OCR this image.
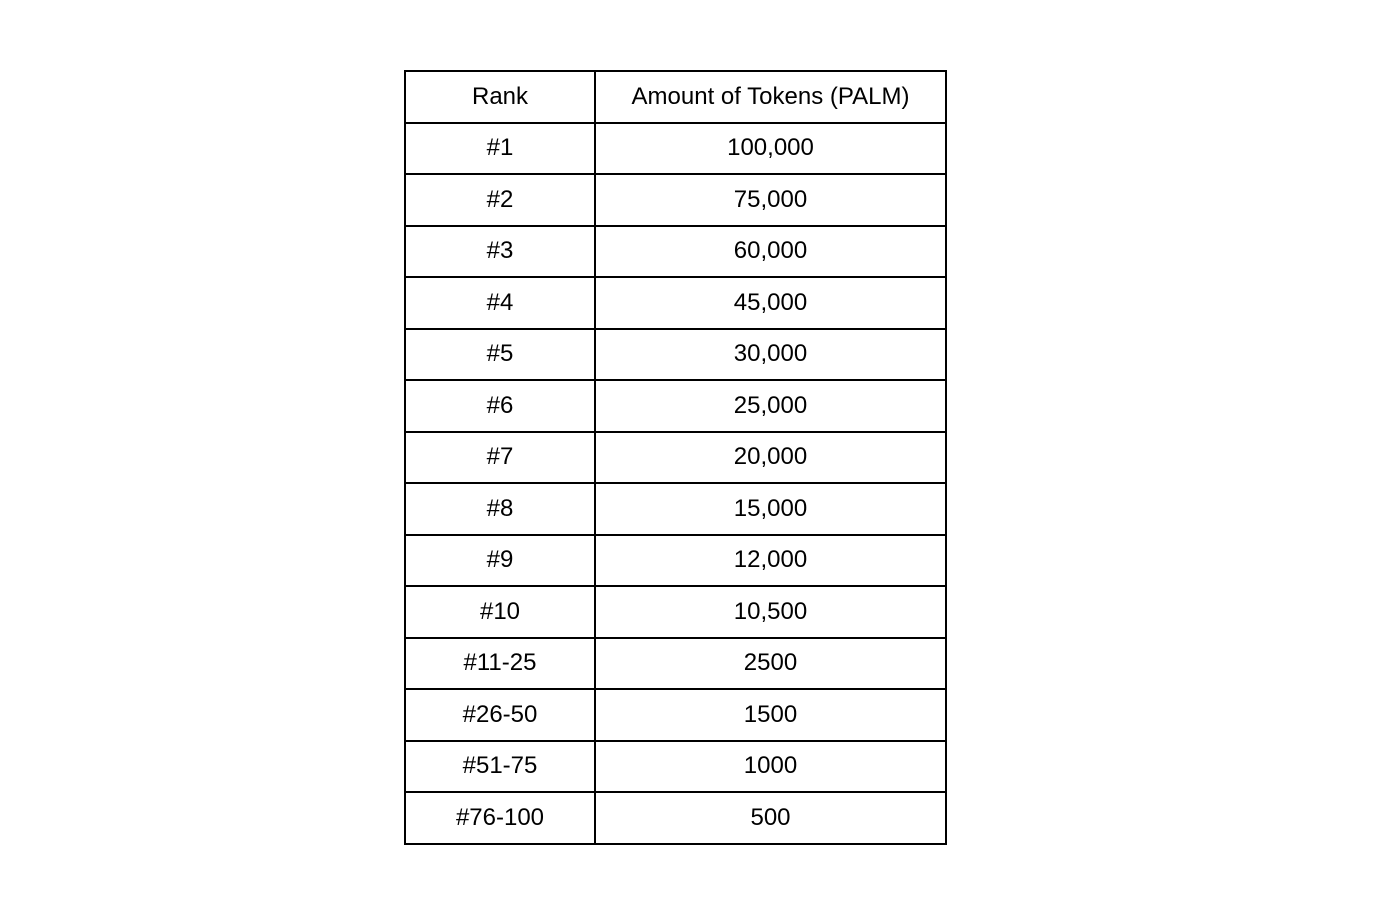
Rank	Amount of Tokens (PALM)
#1	100,000
#2	75,000
#3	60,000
#4	45,000
#5	30,000
#6	25,000
#7	20,000
#8	15,000
#9	12,000
#10	10,500
#11-25	2500
#26-50	1500
#51-75	1000
#76-100	500
